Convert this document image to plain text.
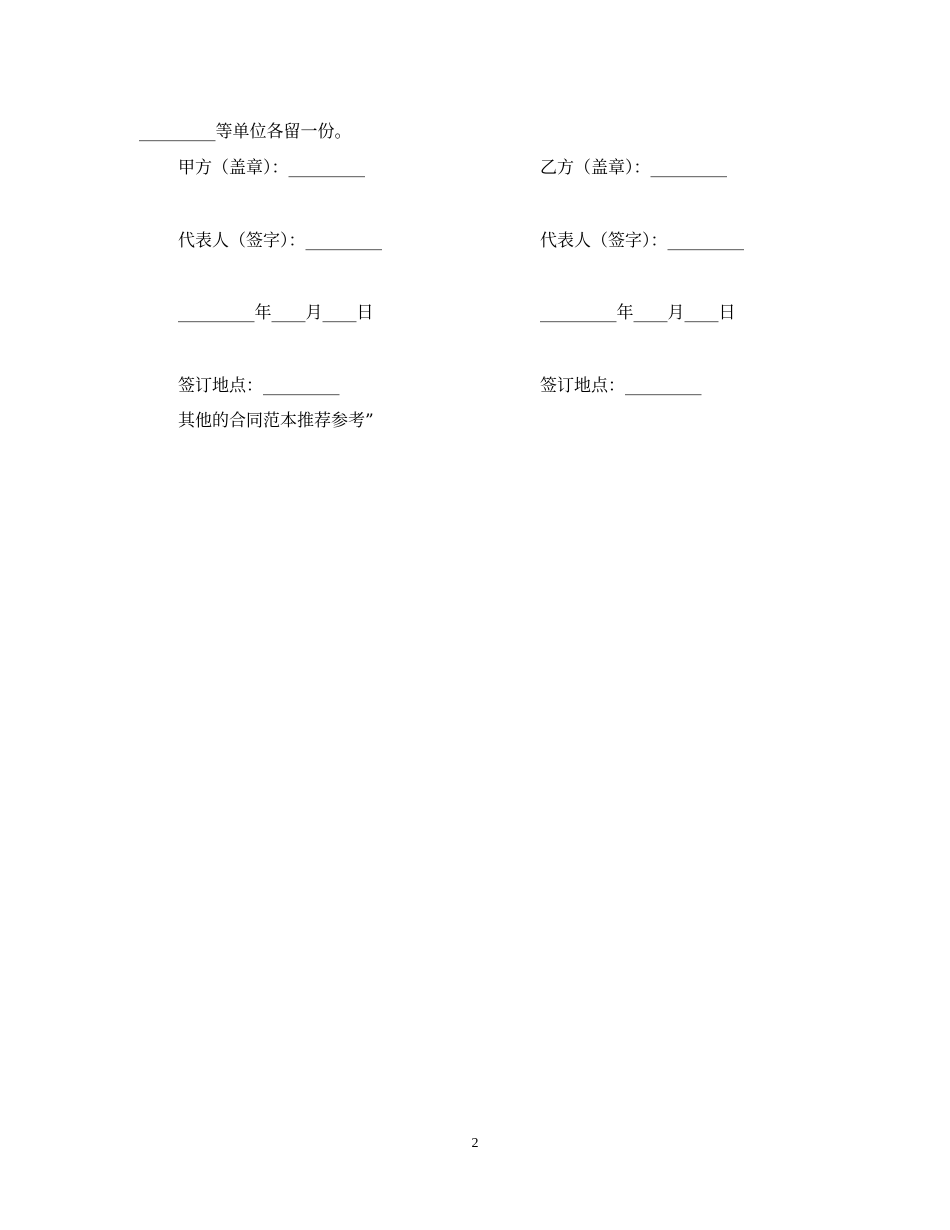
_________等单位各留一份。
甲方（盖章）：_________	乙方（盖章）：_________
代表人（签字）：_________	代表人（签字）：_________
_________年____月____日	_________年____月____日
签订地点：_________	签订地点：_________
其他的合同范本推荐参考”
2
